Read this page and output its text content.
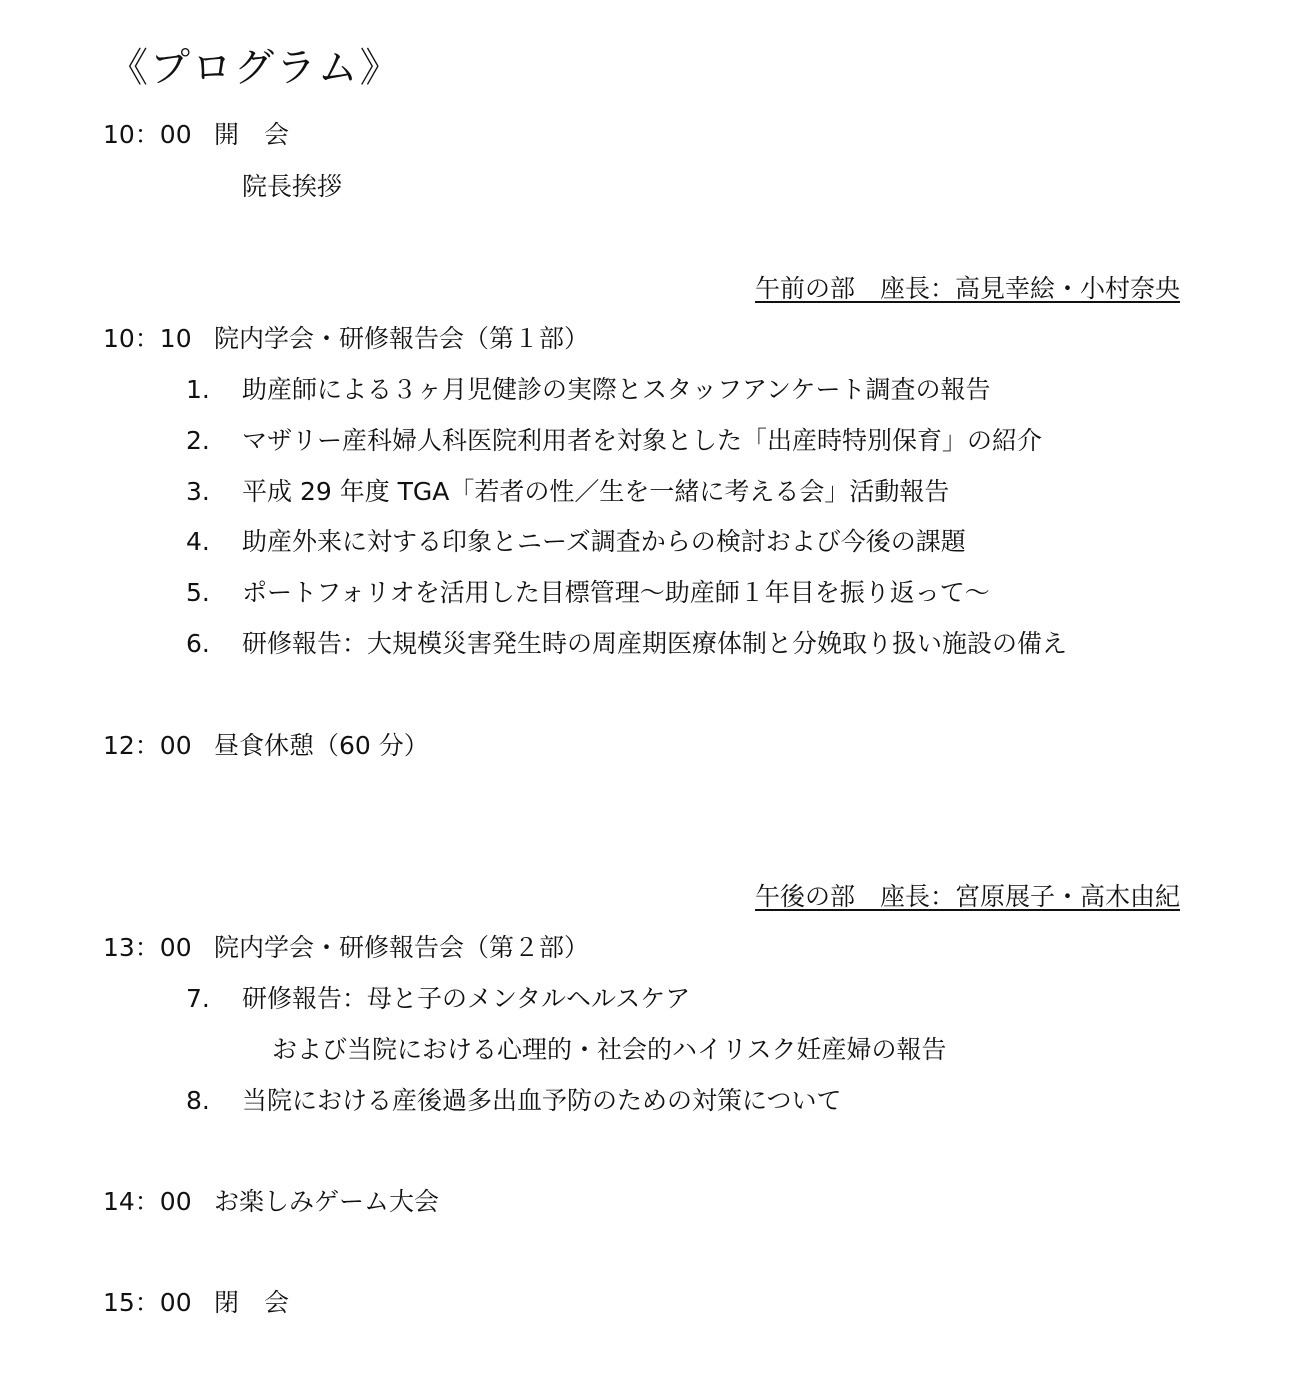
《プログラム》
10：00 開　会
院長挨拶
午前の部　座長：高見幸絵・小村奈央
10：10 院内学会・研修報告会（第１部）
1. 助産師による３ヶ月児健診の実際とスタッフアンケート調査の報告
2. マザリー産科婦人科医院利用者を対象とした「出産時特別保育」の紹介
3. 平成 29 年度 TGA「若者の性／生を一緒に考える会」活動報告
4. 助産外来に対する印象とニーズ調査からの検討および今後の課題
5. ポートフォリオを活用した目標管理～助産師１年目を振り返って～
6. 研修報告：大規模災害発生時の周産期医療体制と分娩取り扱い施設の備え
12：00 昼食休憩（60 分）
午後の部　座長：宮原展子・高木由紀
13：00 院内学会・研修報告会（第２部）
7. 研修報告：母と子のメンタルヘルスケア
および当院における心理的・社会的ハイリスク妊産婦の報告
8. 当院における産後過多出血予防のための対策について
14：00 お楽しみゲーム大会
15：00 閉　会
